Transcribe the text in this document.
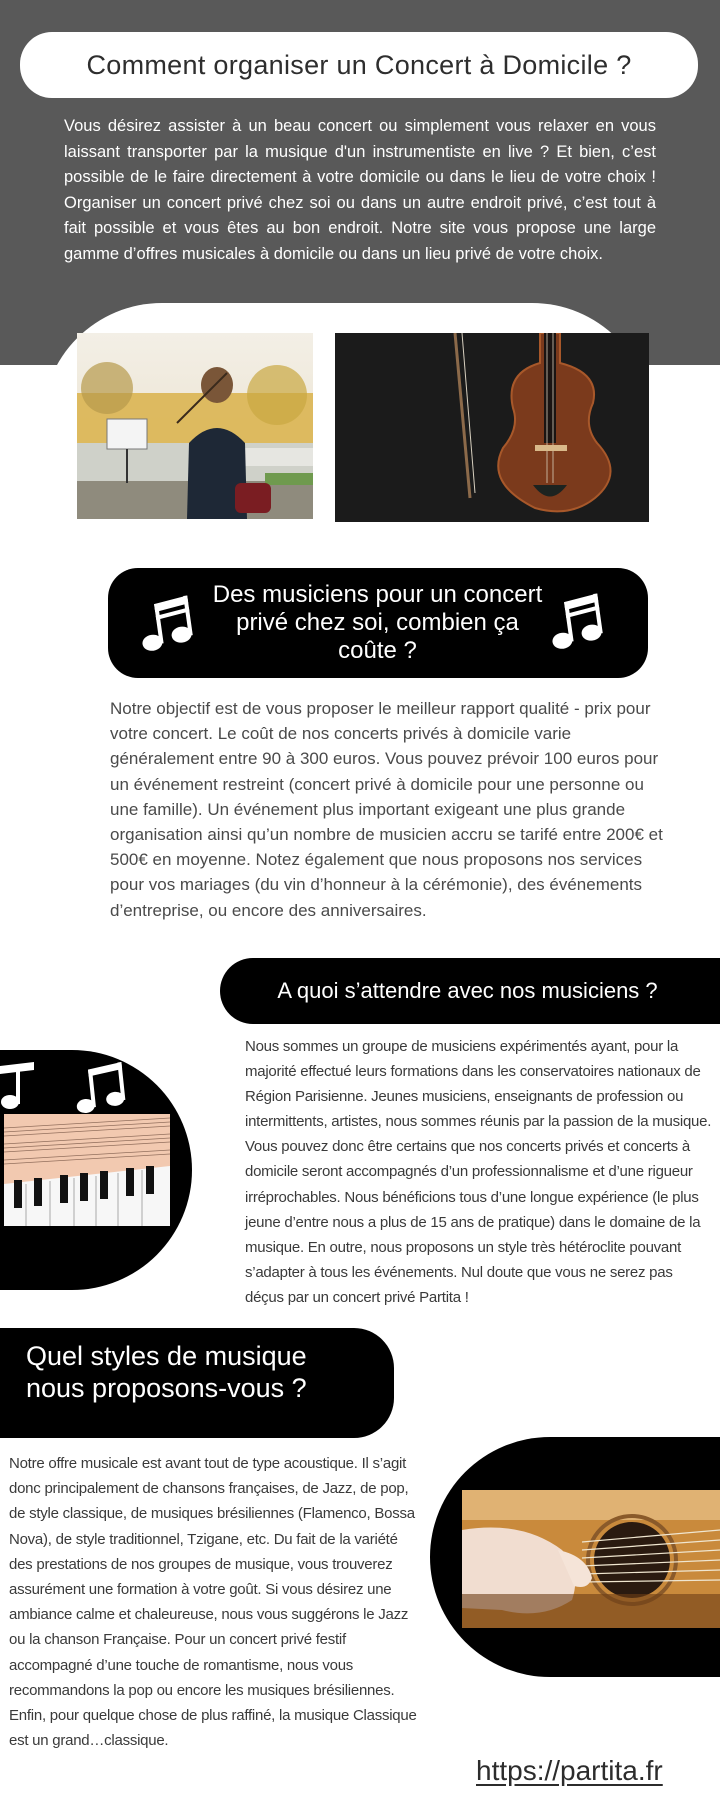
Comment organiser un Concert à Domicile ?
Vous désirez assister à un beau concert ou simplement vous relaxer en vous laissant transporter par la musique d'un instrumentiste en live ? Et bien, c’est possible de le faire directement à votre domicile ou dans le lieu de votre choix ! Organiser un concert privé chez soi ou dans un autre endroit privé, c’est tout à fait possible et vous êtes au bon endroit. Notre site vous propose une large gamme d’offres musicales à domicile ou dans un lieu privé de votre choix.
Des musiciens pour un concert privé chez soi, combien ça coûte ?
Notre objectif est de vous proposer le meilleur rapport qualité - prix pour votre concert. Le coût de nos concerts privés à domicile varie généralement entre 90 à 300 euros. Vous pouvez prévoir 100 euros pour un événement restreint (concert privé à domicile pour une personne ou une famille). Un événement plus important exigeant une plus grande organisation ainsi qu’un nombre de musicien accru se tarifé entre 200€ et 500€ en moyenne. Notez également que nous proposons nos services pour vos mariages (du vin d’honneur à la cérémonie), des événements d’entreprise, ou encore des anniversaires.
A quoi s’attendre avec nos musiciens ?
Nous sommes un groupe de musiciens expérimentés ayant, pour la majorité effectué leurs formations dans les conservatoires nationaux de Région Parisienne. Jeunes musiciens, enseignants de profession ou intermittents, artistes, nous sommes réunis par la passion de la musique. Vous pouvez donc être certains que nos concerts privés et concerts à domicile seront accompagnés d’un professionnalisme et d’une rigueur irréprochables. Nous bénéficions tous d’une longue expérience (le plus jeune d’entre nous a plus de 15 ans de pratique) dans le domaine de la musique. En outre, nous proposons un style très hétéroclite pouvant s’adapter à tous les événements. Nul doute que vous ne serez pas déçus par un concert privé Partita !
Quel styles de musique nous proposons-vous ?
Notre offre musicale est avant tout de type acoustique. Il s’agit donc principalement de chansons françaises, de Jazz, de pop, de style classique, de musiques brésiliennes (Flamenco, Bossa Nova), de style traditionnel, Tzigane, etc. Du fait de la variété des prestations de nos groupes de musique, vous trouverez assurément une formation à votre goût. Si vous désirez une ambiance calme et chaleureuse, nous vous suggérons le Jazz ou la chanson Française. Pour un concert privé festif accompagné d’une touche de romantisme, nous vous recommandons la pop ou encore les musiques brésiliennes. Enfin, pour quelque chose de plus raffiné, la musique Classique est un grand…classique.
https://partita.fr
